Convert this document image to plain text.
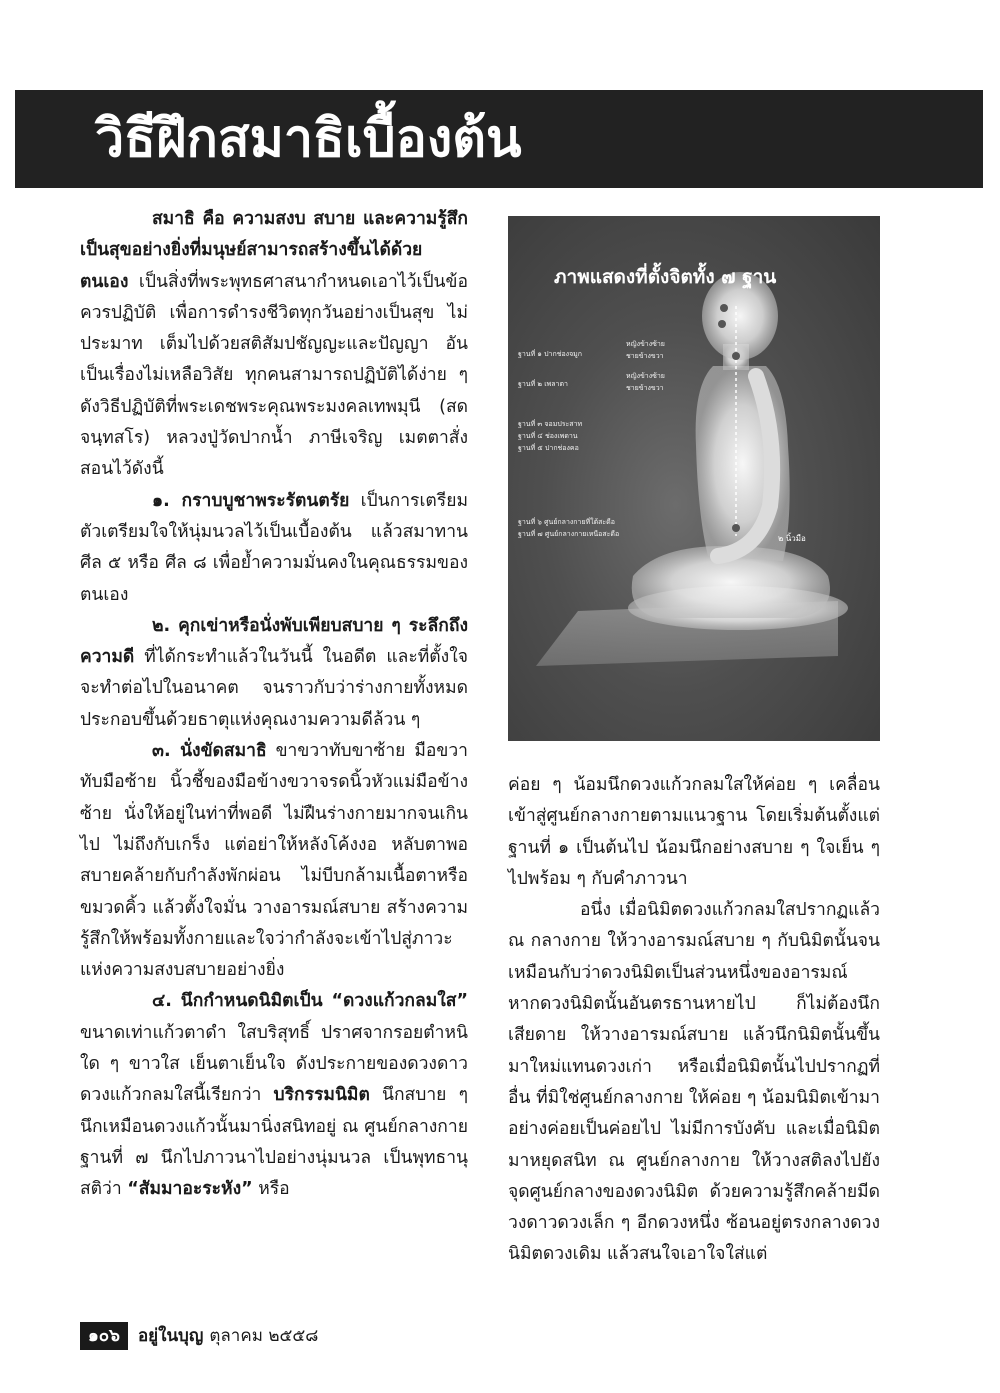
วิธีฝึกสมาธิเบื้องต้น

สมาธิ คือ ความสงบ สบาย และความรู้สึกเป็นสุขอย่างยิ่งที่มนุษย์สามารถสร้างขึ้นได้ด้วยตนเอง เป็นสิ่งที่พระพุทธศาสนากำหนดเอาไว้เป็นข้อควรปฏิบัติ เพื่อการดำรงชีวิตทุกวันอย่างเป็นสุข ไม่ประมาท เต็มไปด้วยสติสัมปชัญญะและปัญญา อันเป็นเรื่องไม่เหลือวิสัย ทุกคนสามารถปฏิบัติได้ง่าย ๆ ดังวิธีปฏิบัติที่พระเดชพระคุณพระมงคลเทพมุนี (สด จนฺทสโร) หลวงปู่วัดปากน้ำ ภาษีเจริญ เมตตาสั่งสอนไว้ดังนี้

๑. กราบบูชาพระรัตนตรัย เป็นการเตรียมตัวเตรียมใจให้นุ่มนวลไว้เป็นเบื้องต้น แล้วสมาทานศีล ๕ หรือ ศีล ๘ เพื่อย้ำความมั่นคงในคุณธรรมของตนเอง

๒. คุกเข่าหรือนั่งพับเพียบสบาย ๆ ระลึกถึงความดี ที่ได้กระทำแล้วในวันนี้ ในอดีต และที่ตั้งใจจะทำต่อไปในอนาคต จนราวกับว่าร่างกายทั้งหมดประกอบขึ้นด้วยธาตุแห่งคุณงามความดีล้วน ๆ

๓. นั่งขัดสมาธิ ขาขวาทับขาซ้าย มือขวาทับมือซ้าย นิ้วชี้ของมือข้างขวาจรดนิ้วหัวแม่มือข้างซ้าย นั่งให้อยู่ในท่าที่พอดี ไม่ฝืนร่างกายมากจนเกินไป ไม่ถึงกับเกร็ง แต่อย่าให้หลังโค้งงอ หลับตาพอสบายคล้ายกับกำลังพักผ่อน ไม่บีบกล้ามเนื้อตาหรือขมวดคิ้ว แล้วตั้งใจมั่น วางอารมณ์สบาย สร้างความรู้สึกให้พร้อมทั้งกายและใจว่ากำลังจะเข้าไปสู่ภาวะแห่งความสงบสบายอย่างยิ่ง

๔. นึกกำหนดนิมิตเป็น “ดวงแก้วกลมใส” ขนาดเท่าแก้วตาดำ ใสบริสุทธิ์ ปราศจากรอยตำหนิใด ๆ ขาวใส เย็นตาเย็นใจ ดังประกายของดวงดาว ดวงแก้วกลมใสนี้เรียกว่า บริกรรมนิมิต นึกสบาย ๆ นึกเหมือนดวงแก้วนั้นมานิ่งสนิทอยู่ ณ ศูนย์กลางกายฐานที่ ๗ นึกไปภาวนาไปอย่างนุ่มนวล เป็นพุทธานุสติว่า “สัมมาอะระหัง” หรือ

๒ นิ้วมือ
ฐานที่ ๑ ปากช่องจมูก
ฐานที่ ๒ เพลาตา
ฐานที่ ๓ จอมประสาท
ฐานที่ ๔ ช่องเพดาน
ฐานที่ ๕ ปากช่องคอ
ฐานที่ ๖ ศูนย์กลางกายที่ใต้สะดือ
ฐานที่ ๗ ศูนย์กลางกายเหนือสะดือ
หญิงข้างซ้าย
ชายข้างขวา
หญิงข้างซ้าย
ชายข้างขวา
ภาพแสดงที่ตั้งจิตทั้ง ๗ ฐาน

ค่อย ๆ น้อมนึกดวงแก้วกลมใสให้ค่อย ๆ เคลื่อนเข้าสู่ศูนย์กลางกายตามแนวฐาน โดยเริ่มต้นตั้งแต่ฐานที่ ๑ เป็นต้นไป น้อมนึกอย่างสบาย ๆ ใจเย็น ๆ ไปพร้อม ๆ กับคำภาวนา

อนึ่ง เมื่อนิมิตดวงแก้วกลมใสปรากฏแล้ว ณ กลางกาย ให้วางอารมณ์สบาย ๆ กับนิมิตนั้นจนเหมือนกับว่าดวงนิมิตเป็นส่วนหนึ่งของอารมณ์ หากดวงนิมิตนั้นอันตรธานหายไป ก็ไม่ต้องนึกเสียดาย ให้วางอารมณ์สบาย แล้วนึกนิมิตนั้นขึ้นมาใหม่แทนดวงเก่า หรือเมื่อนิมิตนั้นไปปรากฏที่อื่น ที่มิใช่ศูนย์กลางกาย ให้ค่อย ๆ น้อมนิมิตเข้ามาอย่างค่อยเป็นค่อยไป ไม่มีการบังคับ และเมื่อนิมิตมาหยุดสนิท ณ ศูนย์กลางกาย ให้วางสติลงไปยังจุดศูนย์กลางของดวงนิมิต ด้วยความรู้สึกคล้ายมีดวงดาวดวงเล็ก ๆ อีกดวงหนึ่ง ซ้อนอยู่ตรงกลางดวงนิมิตดวงเดิม แล้วสนใจเอาใจใส่แต่

๑๐๖ อยู่ในบุญ ตุลาคม ๒๕๕๘
